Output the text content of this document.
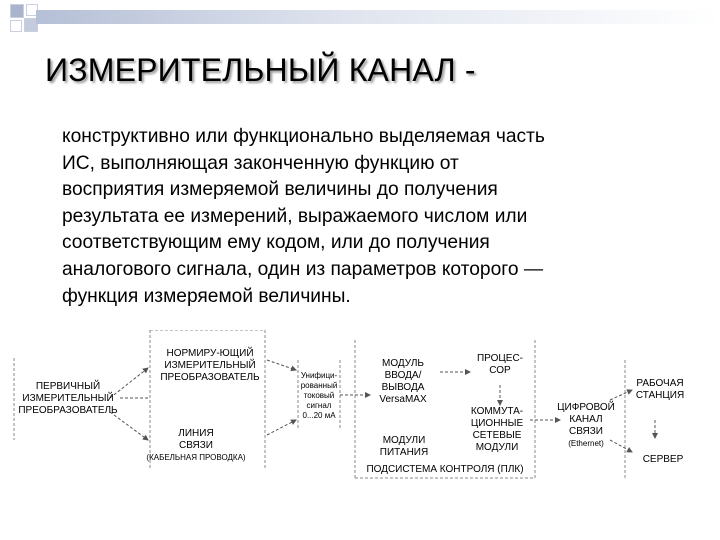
ИЗМЕРИТЕЛЬНЫЙ КАНАЛ -
конструктивно или функционально выделяемая часть
ИС, выполняющая законченную функцию от
восприятия измеряемой величины до получения
результата ее измерений, выражаемого числом или
соответствующим ему кодом, или до получения
аналогового сигнала, один из параметров которого —
функция измеряемой величины.
ПЕРВИЧНЫЙ
ИЗМЕРИТЕЛЬНЫЙ
ПРЕОБРАЗОВАТЕЛЬ
НОРМИРУ-ЮЩИЙ
ИЗМЕРИТЕЛЬНЫЙ
ПРЕОБРАЗОВАТЕЛЬ
ЛИНИЯ
СВЯЗИ
(КАБЕЛЬНАЯ ПРОВОДКА)
Унифици-
рованный
токовый
сигнал
0...20 мА
МОДУЛЬ
ВВОДА/
ВЫВОДА
VersaMAX
ПРОЦЕС-
СОР
КОММУТА-
ЦИОННЫЕ
СЕТЕВЫЕ
МОДУЛИ
МОДУЛИ
ПИТАНИЯ
ПОДСИСТЕМА КОНТРОЛЯ (ПЛК)
ЦИФРОВОЙ
КАНАЛ
СВЯЗИ
(Ethernet)
РАБОЧАЯ
СТАНЦИЯ
СЕРВЕР
